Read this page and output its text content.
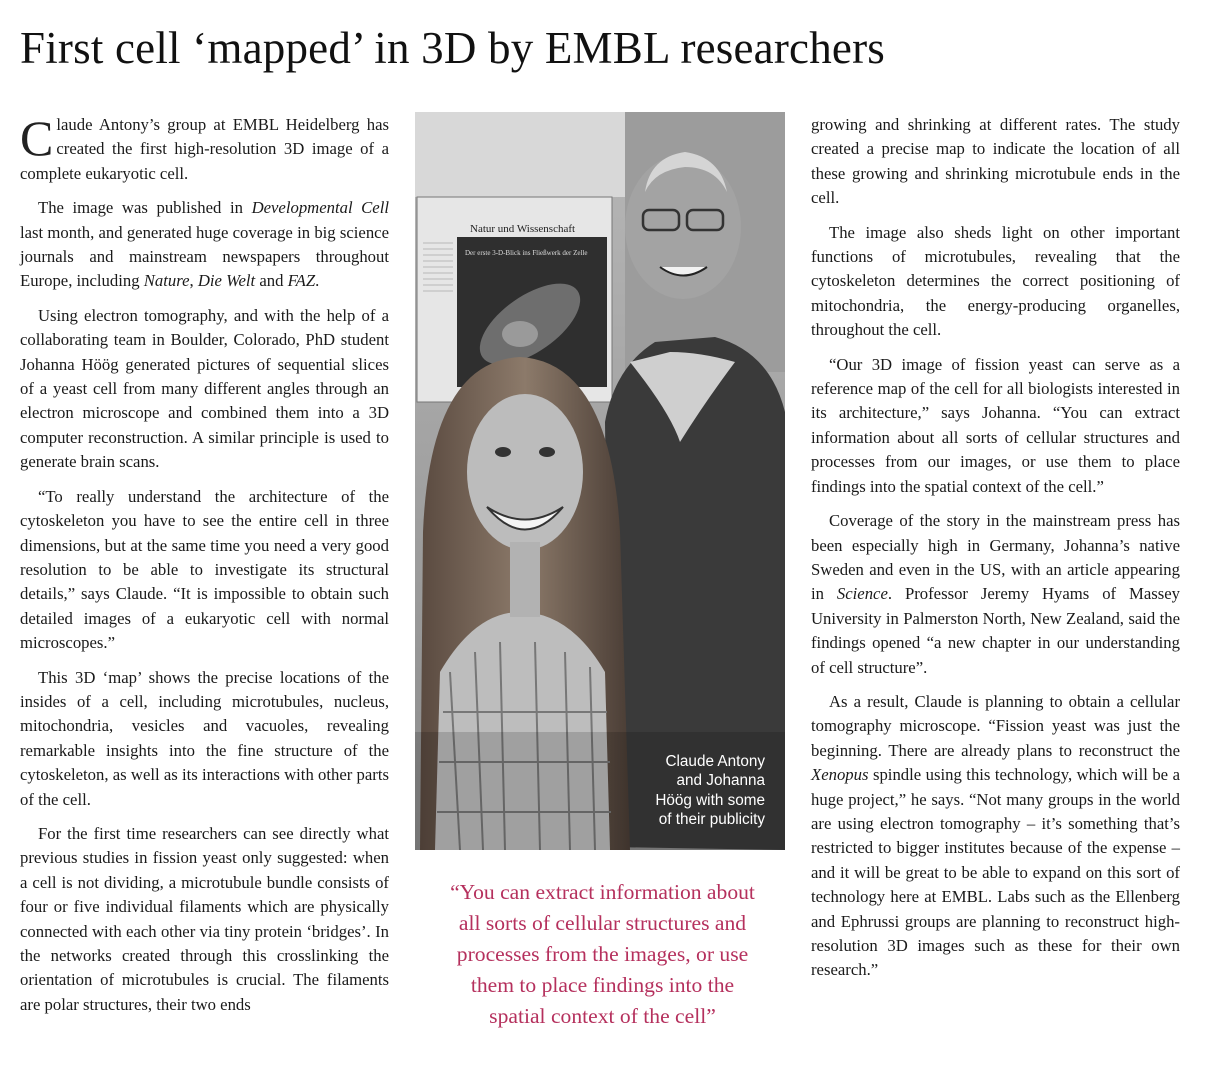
First cell ‘mapped’ in 3D by EMBL researchers

Claude Antony’s group at EMBL Heidelberg has created the first high-resolution 3D image of a complete eukaryotic cell.

The image was published in Developmental Cell last month, and generated huge coverage in big science journals and mainstream newspapers throughout Europe, including Nature, Die Welt and FAZ.

Using electron tomography, and with the help of a collaborating team in Boulder, Colorado, PhD student Johanna Höög generated pictures of sequential slices of a yeast cell from many different angles through an electron microscope and combined them into a 3D computer reconstruction. A similar principle is used to generate brain scans.

“To really understand the architecture of the cytoskeleton you have to see the entire cell in three dimensions, but at the same time you need a very good resolution to be able to investigate its structural details,” says Claude. “It is impossible to obtain such detailed images of a eukaryotic cell with normal microscopes.”

This 3D ‘map’ shows the precise locations of the insides of a cell, including microtubules, nucleus, mitochondria, vesicles and vacuoles, revealing remarkable insights into the fine structure of the cytoskeleton, as well as its interactions with other parts of the cell.

For the first time researchers can see directly what previous studies in fission yeast only suggested: when a cell is not dividing, a microtubule bundle consists of four or five individual filaments which are physically connected with each other via tiny protein ‘bridges’. In the networks created through this crosslinking the orientation of microtubules is crucial. The filaments are polar structures, their two ends

Natur und Wissenschaft
Der erste 3-D-Blick ins Fließwerk der Zelle
Claude Antony
and Johanna
Höög with some
of their publicity

“You can extract information about all sorts of cellular structures and processes from the images, or use them to place findings into the spatial context of the cell”

growing and shrinking at different rates. The study created a precise map to indicate the location of all these growing and shrinking microtubule ends in the cell.

The image also sheds light on other important functions of microtubules, revealing that the cytoskeleton determines the correct positioning of mitochondria, the energy-producing organelles, throughout the cell.

“Our 3D image of fission yeast can serve as a reference map of the cell for all biologists interested in its architecture,” says Johanna. “You can extract information about all sorts of cellular structures and processes from our images, or use them to place findings into the spatial context of the cell.”

Coverage of the story in the mainstream press has been especially high in Germany, Johanna’s native Sweden and even in the US, with an article appearing in Science. Professor Jeremy Hyams of Massey University in Palmerston North, New Zealand, said the findings opened “a new chapter in our understanding of cell structure”.

As a result, Claude is planning to obtain a cellular tomography microscope. “Fission yeast was just the beginning. There are already plans to reconstruct the Xenopus spindle using this technology, which will be a huge project,” he says. “Not many groups in the world are using electron tomography – it’s something that’s restricted to bigger institutes because of the expense – and it will be great to be able to expand on this sort of technology here at EMBL. Labs such as the Ellenberg and Ephrussi groups are planning to reconstruct high-resolution 3D images such as these for their own research.”
